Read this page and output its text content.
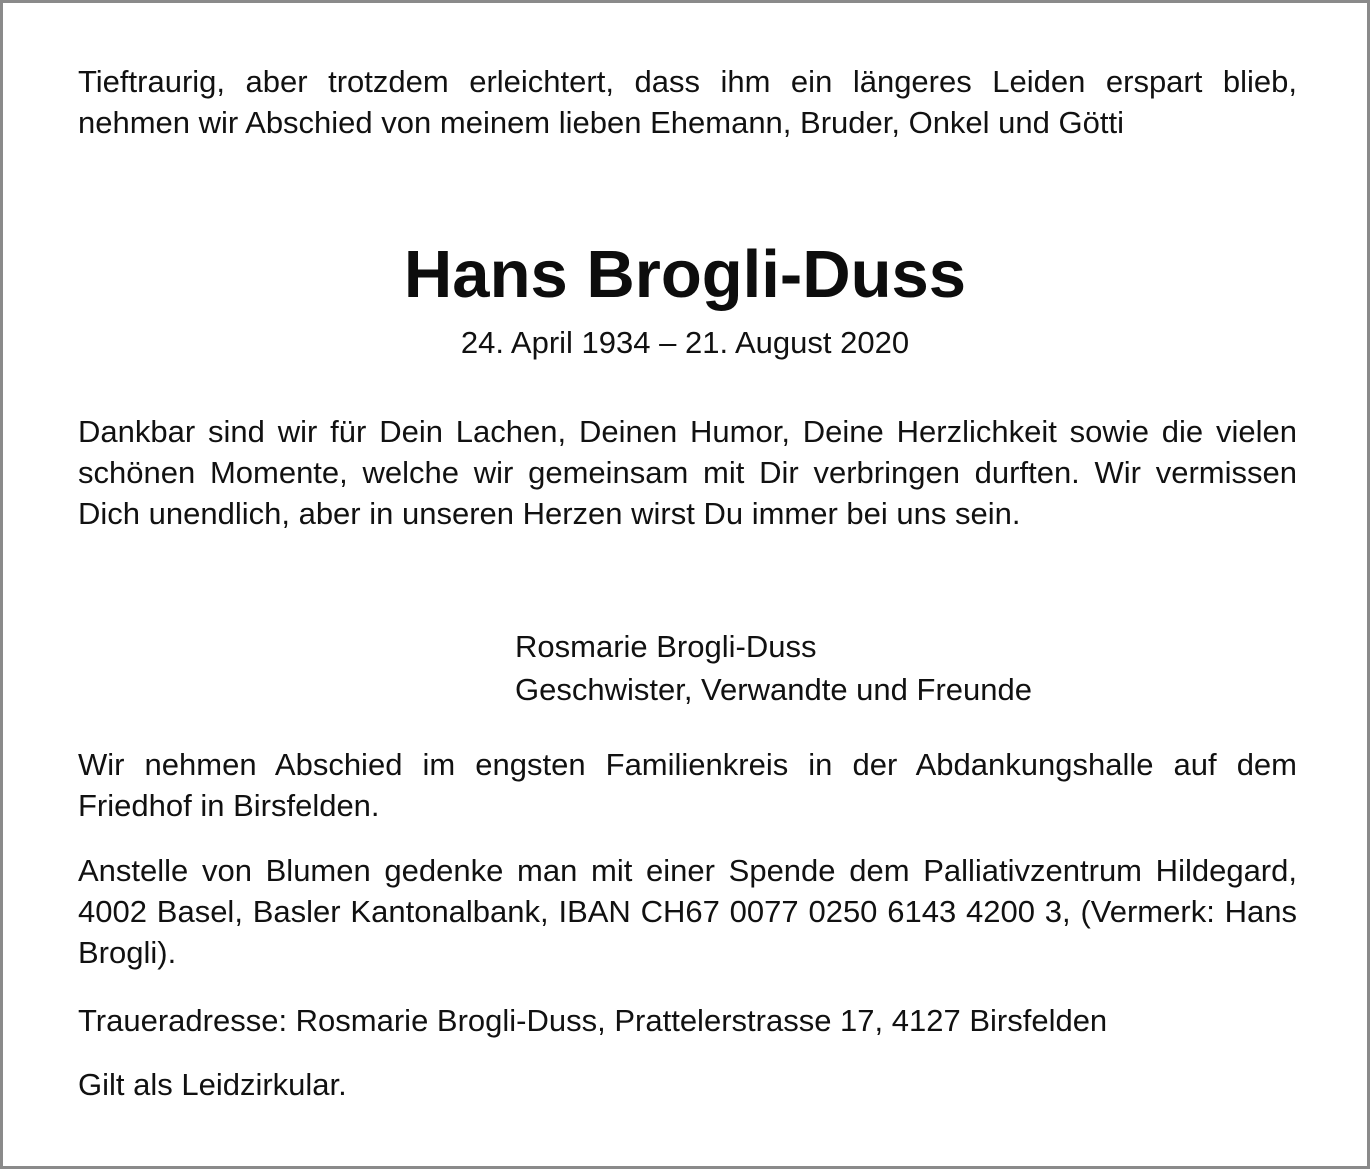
Tieftraurig, aber trotzdem erleichtert, dass ihm ein längeres Leiden erspart blieb, nehmen wir Abschied von meinem lieben Ehemann, Bruder, Onkel und Götti

Hans Brogli-Duss

24. April 1934 – 21. August 2020

Dankbar sind wir für Dein Lachen, Deinen Humor, Deine Herzlichkeit sowie die vielen schönen Momente, welche wir gemeinsam mit Dir verbringen durften. Wir vermissen Dich unendlich, aber in unseren Herzen wirst Du immer bei uns sein.

Rosmarie Brogli-Duss
Geschwister, Verwandte und Freunde

Wir nehmen Abschied im engsten Familienkreis in der Abdankungshalle auf dem Friedhof in Birsfelden.

Anstelle von Blumen gedenke man mit einer Spende dem Palliativzentrum Hildegard, 4002 Basel, Basler Kantonalbank, IBAN CH67 0077 0250 6143 4200 3, (Vermerk: Hans Brogli).

Traueradresse: Rosmarie Brogli-Duss, Prattelerstrasse 17, 4127 Birsfelden

Gilt als Leidzirkular.
